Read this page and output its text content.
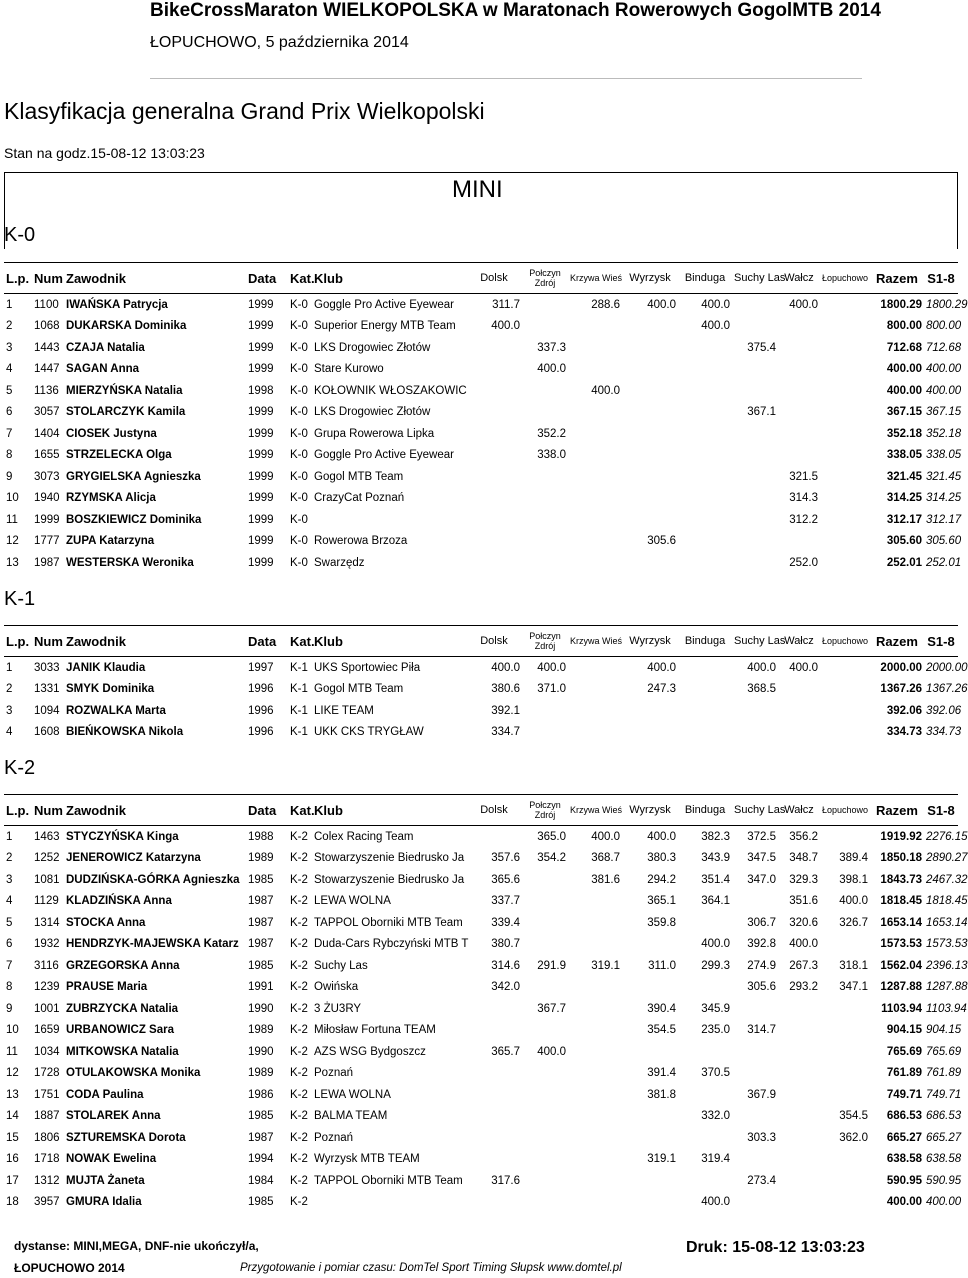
BikeCrossMaraton WIELKOPOLSKA w Maratonach Rowerowych GogolMTB 2014
ŁOPUCHOWO, 5 października 2014
Klasyfikacja generalna Grand Prix Wielkopolski
Stan na godz.15-08-12 13:03:23
MINI
K-0
L.p.	Num	Zawodnik	Data	Kat.	Klub	Dolsk	Połczyn Zdrój	Krzywa Wieś	Wyrzysk	Binduga	Suchy Las	Wałcz	Łopuchowo	Razem	S1-8
1	1100	IWAŃSKA Patrycja	1999	K-0	Goggle Pro Active Eyewear	311.7		288.6	400.0	400.0		400.0		1800.29	1800.29
2	1068	DUKARSKA Dominika	1999	K-0	Superior Energy MTB Team	400.0				400.0				800.00	800.00
3	1443	CZAJA Natalia	1999	K-0	LKS Drogowiec Złotów		337.3				375.4			712.68	712.68
4	1447	SAGAN Anna	1999	K-0	Stare Kurowo		400.0							400.00	400.00
5	1136	MIERZYŃSKA Natalia	1998	K-0	KOŁOWNIK WŁOSZAKOWIC			400.0						400.00	400.00
6	3057	STOLARCZYK Kamila	1999	K-0	LKS Drogowiec Złotów						367.1			367.15	367.15
7	1404	CIOSEK Justyna	1999	K-0	Grupa Rowerowa Lipka		352.2							352.18	352.18
8	1655	STRZELECKA Olga	1999	K-0	Goggle Pro Active Eyewear		338.0							338.05	338.05
9	3073	GRYGIELSKA Agnieszka	1999	K-0	Gogol MTB Team							321.5		321.45	321.45
10	1940	RZYMSKA Alicja	1999	K-0	CrazyCat Poznań							314.3		314.25	314.25
11	1999	BOSZKIEWICZ Dominika	1999	K-0								312.2		312.17	312.17
12	1777	ZUPA Katarzyna	1999	K-0	Rowerowa Brzoza				305.6					305.60	305.60
13	1987	WESTERSKA Weronika	1999	K-0	Swarzędz							252.0		252.01	252.01
K-1
L.p.	Num	Zawodnik	Data	Kat.	Klub	Dolsk	Połczyn Zdrój	Krzywa Wieś	Wyrzysk	Binduga	Suchy Las	Wałcz	Łopuchowo	Razem	S1-8
1	3033	JANIK Klaudia	1997	K-1	UKS Sportowiec Piła	400.0	400.0		400.0		400.0	400.0		2000.00	2000.00
2	1331	SMYK Dominika	1996	K-1	Gogol MTB Team	380.6	371.0		247.3		368.5			1367.26	1367.26
3	1094	ROZWALKA Marta	1996	K-1	LIKE TEAM	392.1								392.06	392.06
4	1608	BIEŃKOWSKA Nikola	1996	K-1	UKK CKS TRYGŁAW	334.7								334.73	334.73
K-2
L.p.	Num	Zawodnik	Data	Kat.	Klub	Dolsk	Połczyn Zdrój	Krzywa Wieś	Wyrzysk	Binduga	Suchy Las	Wałcz	Łopuchowo	Razem	S1-8
1	1463	STYCZYŃSKA Kinga	1988	K-2	Colex Racing Team		365.0	400.0	400.0	382.3	372.5	356.2		1919.92	2276.15
2	1252	JENEROWICZ Katarzyna	1989	K-2	Stowarzyszenie Biedrusko Ja	357.6	354.2	368.7	380.3	343.9	347.5	348.7	389.4	1850.18	2890.27
3	1081	DUDZIŃSKA-GÓRKA Agnieszka	1985	K-2	Stowarzyszenie Biedrusko Ja	365.6		381.6	294.2	351.4	347.0	329.3	398.1	1843.73	2467.32
4	1129	KLADZIŃSKA Anna	1987	K-2	LEWA WOLNA	337.7			365.1	364.1		351.6	400.0	1818.45	1818.45
5	1314	STOCKA Anna	1987	K-2	TAPPOL Oborniki MTB Team	339.4			359.8		306.7	320.6	326.7	1653.14	1653.14
6	1932	HENDRZYK-MAJEWSKA Katarz	1987	K-2	Duda-Cars Rybczyński MTB T	380.7				400.0	392.8	400.0		1573.53	1573.53
7	3116	GRZEGORSKA Anna	1985	K-2	Suchy Las	314.6	291.9	319.1	311.0	299.3	274.9	267.3	318.1	1562.04	2396.13
8	1239	PRAUSE Maria	1991	K-2	Owińska	342.0					305.6	293.2	347.1	1287.88	1287.88
9	1001	ZUBRZYCKA Natalia	1990	K-2	3 ŻU3RY		367.7		390.4	345.9				1103.94	1103.94
10	1659	URBANOWICZ Sara	1989	K-2	Miłosław Fortuna TEAM				354.5	235.0	314.7			904.15	904.15
11	1034	MITKOWSKA Natalia	1990	K-2	AZS WSG Bydgoszcz	365.7	400.0							765.69	765.69
12	1728	OTULAKOWSKA Monika	1989	K-2	Poznań				391.4	370.5				761.89	761.89
13	1751	CODA Paulina	1986	K-2	LEWA WOLNA				381.8		367.9			749.71	749.71
14	1887	STOLAREK Anna	1985	K-2	BALMA TEAM					332.0			354.5	686.53	686.53
15	1806	SZTUREMSKA Dorota	1987	K-2	Poznań						303.3		362.0	665.27	665.27
16	1718	NOWAK Ewelina	1994	K-2	Wyrzysk MTB TEAM				319.1	319.4				638.58	638.58
17	1312	MUJTA Żaneta	1984	K-2	TAPPOL Oborniki MTB Team	317.6					273.4			590.95	590.95
18	3957	GMURA Idalia	1985	K-2						400.0				400.00	400.00
dystanse: MINI,MEGA, DNF-nie ukończył/a,
ŁOPUCHOWO 2014	Przygotowanie i pomiar czasu: DomTel Sport Timing Słupsk www.domtel.pl
Druk: 15-08-12 13:03:23
